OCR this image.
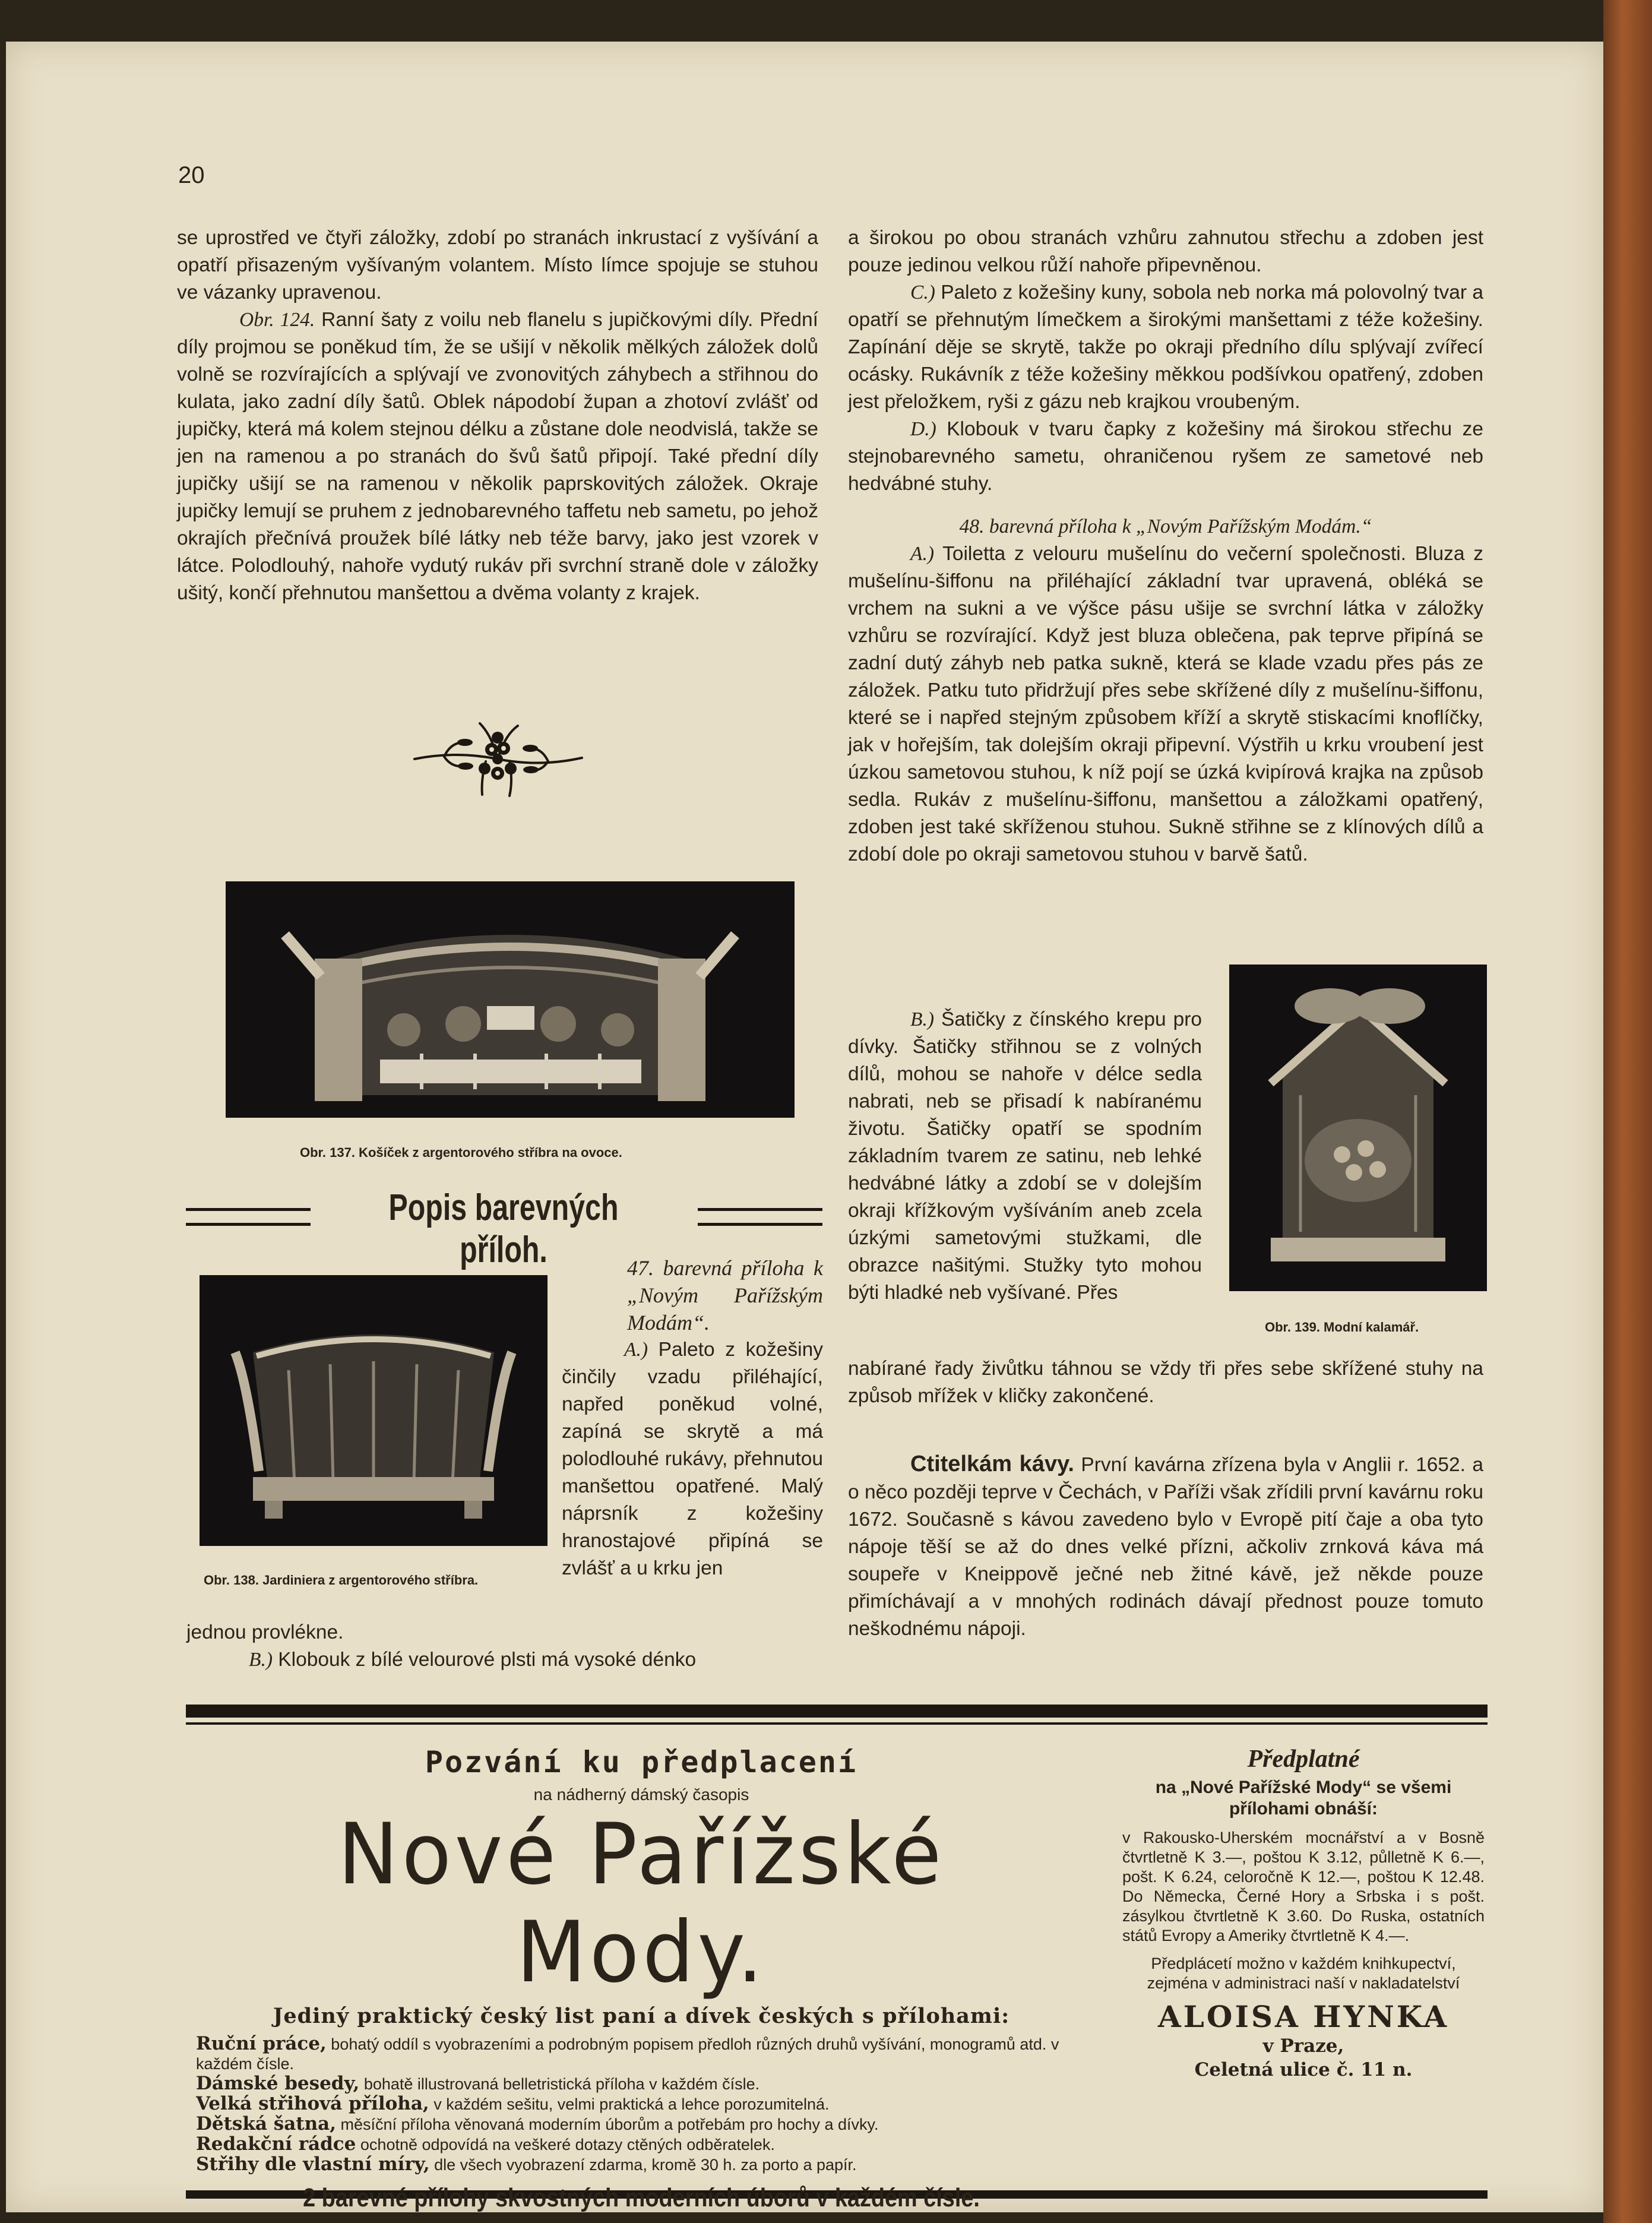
20

se uprostřed ve čtyři záložky, zdobí po stranách inkrustací z vyšívání a opatří přisazeným vyšívaným volantem. Místo límce spojuje se stuhou ve vázanky upravenou.

Obr. 124. Ranní šaty z voilu neb flanelu s jupičkovými díly. Přední díly projmou se poněkud tím, že se ušijí v několik mělkých záložek dolů volně se rozvírajících a splývají ve zvonovitých záhybech a střihnou do kulata, jako zadní díly šatů. Oblek nápodobí župan a zhotoví zvlášť od jupičky, která má kolem stejnou délku a zůstane dole neodvislá, takže se jen na ramenou a po stranách do švů šatů připojí. Také přední díly jupičky ušijí se na ramenou v několik paprskovitých záložek. Okraje jupičky lemují se pruhem z jednobarevného taffetu neb sametu, po jehož okrajích přečnívá proužek bílé látky neb téže barvy, jako jest vzorek v látce. Polodlouhý, nahoře vydutý rukáv při svrchní straně dole v záložky ušitý, končí přehnutou manšettou a dvěma volanty z krajek.

Obr. 137. Košíček z argentorového stříbra na ovoce.
Popis barevných příloh.
Obr. 138. Jardiniera z argentorového stříbra.

47. barevná příloha k „Novým Pařížským Modám“.

A.) Paleto z kožešiny činčily vzadu přiléhající, napřed poněkud volné, zapíná se skrytě a má polodlouhé rukávy, přehnutou manšettou opatřené. Malý náprsník z kožešiny hranostajové připíná se zvlášť a u krku jen

jednou provlékne.

B.) Klobouk z bílé velourové plsti má vysoké dénko

a širokou po obou stranách vzhůru zahnutou střechu a zdoben jest pouze jedinou velkou růží nahoře připevněnou.

C.) Paleto z kožešiny kuny, sobola neb norka má polovolný tvar a opatří se přehnutým límečkem a širokými manšettami z téže kožešiny. Zapínání děje se skrytě, takže po okraji předního dílu splývají zvířecí ocásky. Rukávník z téže kožešiny měkkou podšívkou opatřený, zdoben jest přeložkem, ryši z gázu neb krajkou vroubeným.

D.) Klobouk v tvaru čapky z kožešiny má širokou střechu ze stejnobarevného sametu, ohraničenou ryšem ze sametové neb hedvábné stuhy.

48. barevná příloha k „Novým Pařížským Modám.“

A.) Toiletta z velouru mušelínu do večerní společnosti. Bluza z mušelínu-šiffonu na přiléhající základní tvar upravená, obléká se vrchem na sukni a ve výšce pásu ušije se svrchní látka v záložky vzhůru se rozvírající. Když jest bluza oblečena, pak teprve připíná se zadní dutý záhyb neb patka sukně, která se klade vzadu přes pás ze záložek. Patku tuto přidržují přes sebe skřížené díly z mušelínu-šiffonu, které se i napřed stejným způsobem kříží a skrytě stiskacími knoflíčky, jak v hořejším, tak dolejším okraji připevní. Výstřih u krku vroubení jest úzkou sametovou stuhou, k níž pojí se úzká kvipírová krajka na způsob sedla. Rukáv z mušelínu-šiffonu, manšettou a záložkami opatřený, zdoben jest také skříženou stuhou. Sukně střihne se z klínových dílů a zdobí dole po okraji sametovou stuhou v barvě šatů.

Obr. 139. Modní kalamář.

B.) Šatičky z čínského krepu pro dívky. Šatičky střihnou se z volných dílů, mohou se nahoře v délce sedla nabrati, neb se přisadí k nabíranému životu. Šatičky opatří se spodním základním tvarem ze satinu, neb lehké hedvábné látky a zdobí se v dolejším okraji křížkovým vyšíváním aneb zcela úzkými sametovými stužkami, dle obrazce našitými. Stužky tyto mohou býti hladké neb vyšívané. Přes

nabírané řady živůtku táhnou se vždy tři přes sebe skřížené stuhy na způsob mřížek v kličky zakončené.

Ctitelkám kávy. První kavárna zřízena byla v Anglii r. 1652. a o něco později teprve v Čechách, v Paříži však zřídili první kavárnu roku 1672. Současně s kávou zavedeno bylo v Evropě pití čaje a oba tyto nápoje těší se až do dnes velké přízni, ačkoliv zrnková káva má soupeře v Kneippově ječné neb žitné kávě, jež někde pouze přimíchávají a v mnohých rodinách dávají přednost pouze tomuto neškodnému nápoji.

Pozvání ku předplacení
na nádherný dámský časopis
Nové Pařížské Mody.
Jediný praktický český list paní a dívek českých s přílohami:
Ruční práce, bohatý oddíl s vyobrazeními a podrobným popisem předloh různých druhů vyšívání, monogramů atd. v každém čísle.
Dámské besedy, bohatě illustrovaná belletristická příloha v každém čísle.
Velká střihová příloha, v každém sešitu, velmi praktická a lehce porozumitelná.
Dětská šatna, měsíční příloha věnovaná moderním úborům a potřebám pro hochy a dívky.
Redakční rádce ochotně odpovídá na veškeré dotazy ctěných odběratelek.
Střihy dle vlastní míry, dle všech vyobrazení zdarma, kromě 30 h. za porto a papír.
2 barevné přílohy skvostných moderních úborů v každém čísle.
Předplatné
na „Nové Pařížské Mody“ se všemi přílohami obnáší:
v Rakousko-Uherském mocnářství a v Bosně čtvrtletně K 3.—, poštou K 3.12, půlletně K 6.—, pošt. K 6.24, celoročně K 12.—, poštou K 12.48. Do Německa, Černé Hory a Srbska i s pošt. zásylkou čtvrtletně K 3.60. Do Ruska, ostatních států Evropy a Ameriky čtvrtletně K 4.—.
Předplácetí možno v každém knihkupectví, zejména v administraci naší v nakladatelství
ALOISA HYNKA
v Praze,
Celetná ulice č. 11 n.
